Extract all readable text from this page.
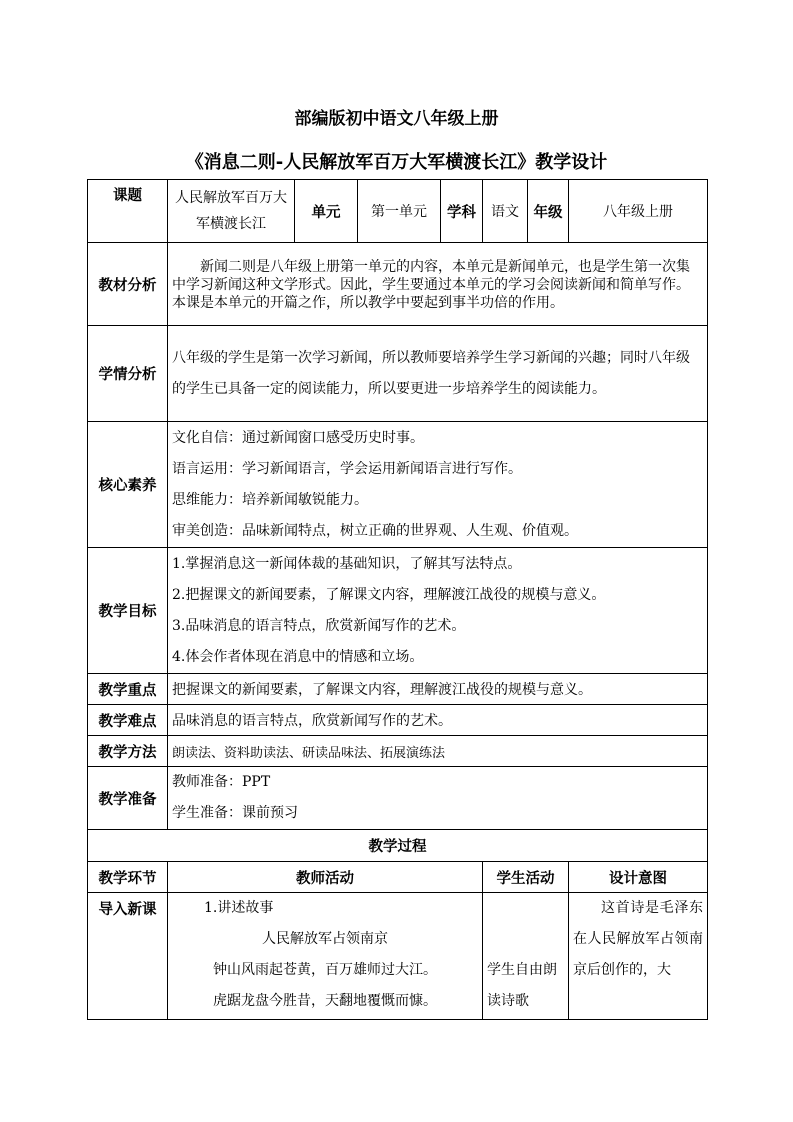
部编版初中语文八年级上册
《消息二则-人民解放军百万大军横渡长江》教学设计
课题	人民解放军百万大军横渡长江	单元	第一单元	学科	语文	年级	八年级上册
教材分析	新闻二则是八年级上册第一单元的内容，本单元是新闻单元，也是学生第一次集中学习新闻这种文学形式。因此，学生要通过本单元的学习会阅读新闻和简单写作。本课是本单元的开篇之作，所以教学中要起到事半功倍的作用。						
学情分析	八年级的学生是第一次学习新闻，所以教师要培养学生学习新闻的兴趣；同时八年级的学生已具备一定的阅读能力，所以要更进一步培养学生的阅读能力。						
核心素养	文化自信：通过新闻窗口感受历史时事。
语言运用：学习新闻语言，学会运用新闻语言进行写作。
思维能力：培养新闻敏锐能力。
审美创造：品味新闻特点，树立正确的世界观、人生观、价值观。						

教学目标	1.掌握消息这一新闻体裁的基础知识，了解其写法特点。
2.把握课文的新闻要素，了解课文内容，理解渡江战役的规模与意义。
3.品味消息的语言特点，欣赏新闻写作的艺术。
4.体会作者体现在消息中的情感和立场。						

教学重点	把握课文的新闻要素，了解课文内容，理解渡江战役的规模与意义。						
教学难点	品味消息的语言特点，欣赏新闻写作的艺术。						
教学方法	朗读法、资料助读法、研读品味法、拓展演练法						
教学准备	教师准备：PPT
学生准备：课前预习						

教学过程							
教学环节	教师活动				学生活动		设计意图
导入新课	1.讲述故事
人民解放军占领南京
钟山风雨起苍黄，百万雄师过大江。
虎踞龙盘今胜昔，天翻地覆慨而慷。				学生自由朗读诗歌		这首诗是毛泽东在人民解放军占领南京后创作的，大
